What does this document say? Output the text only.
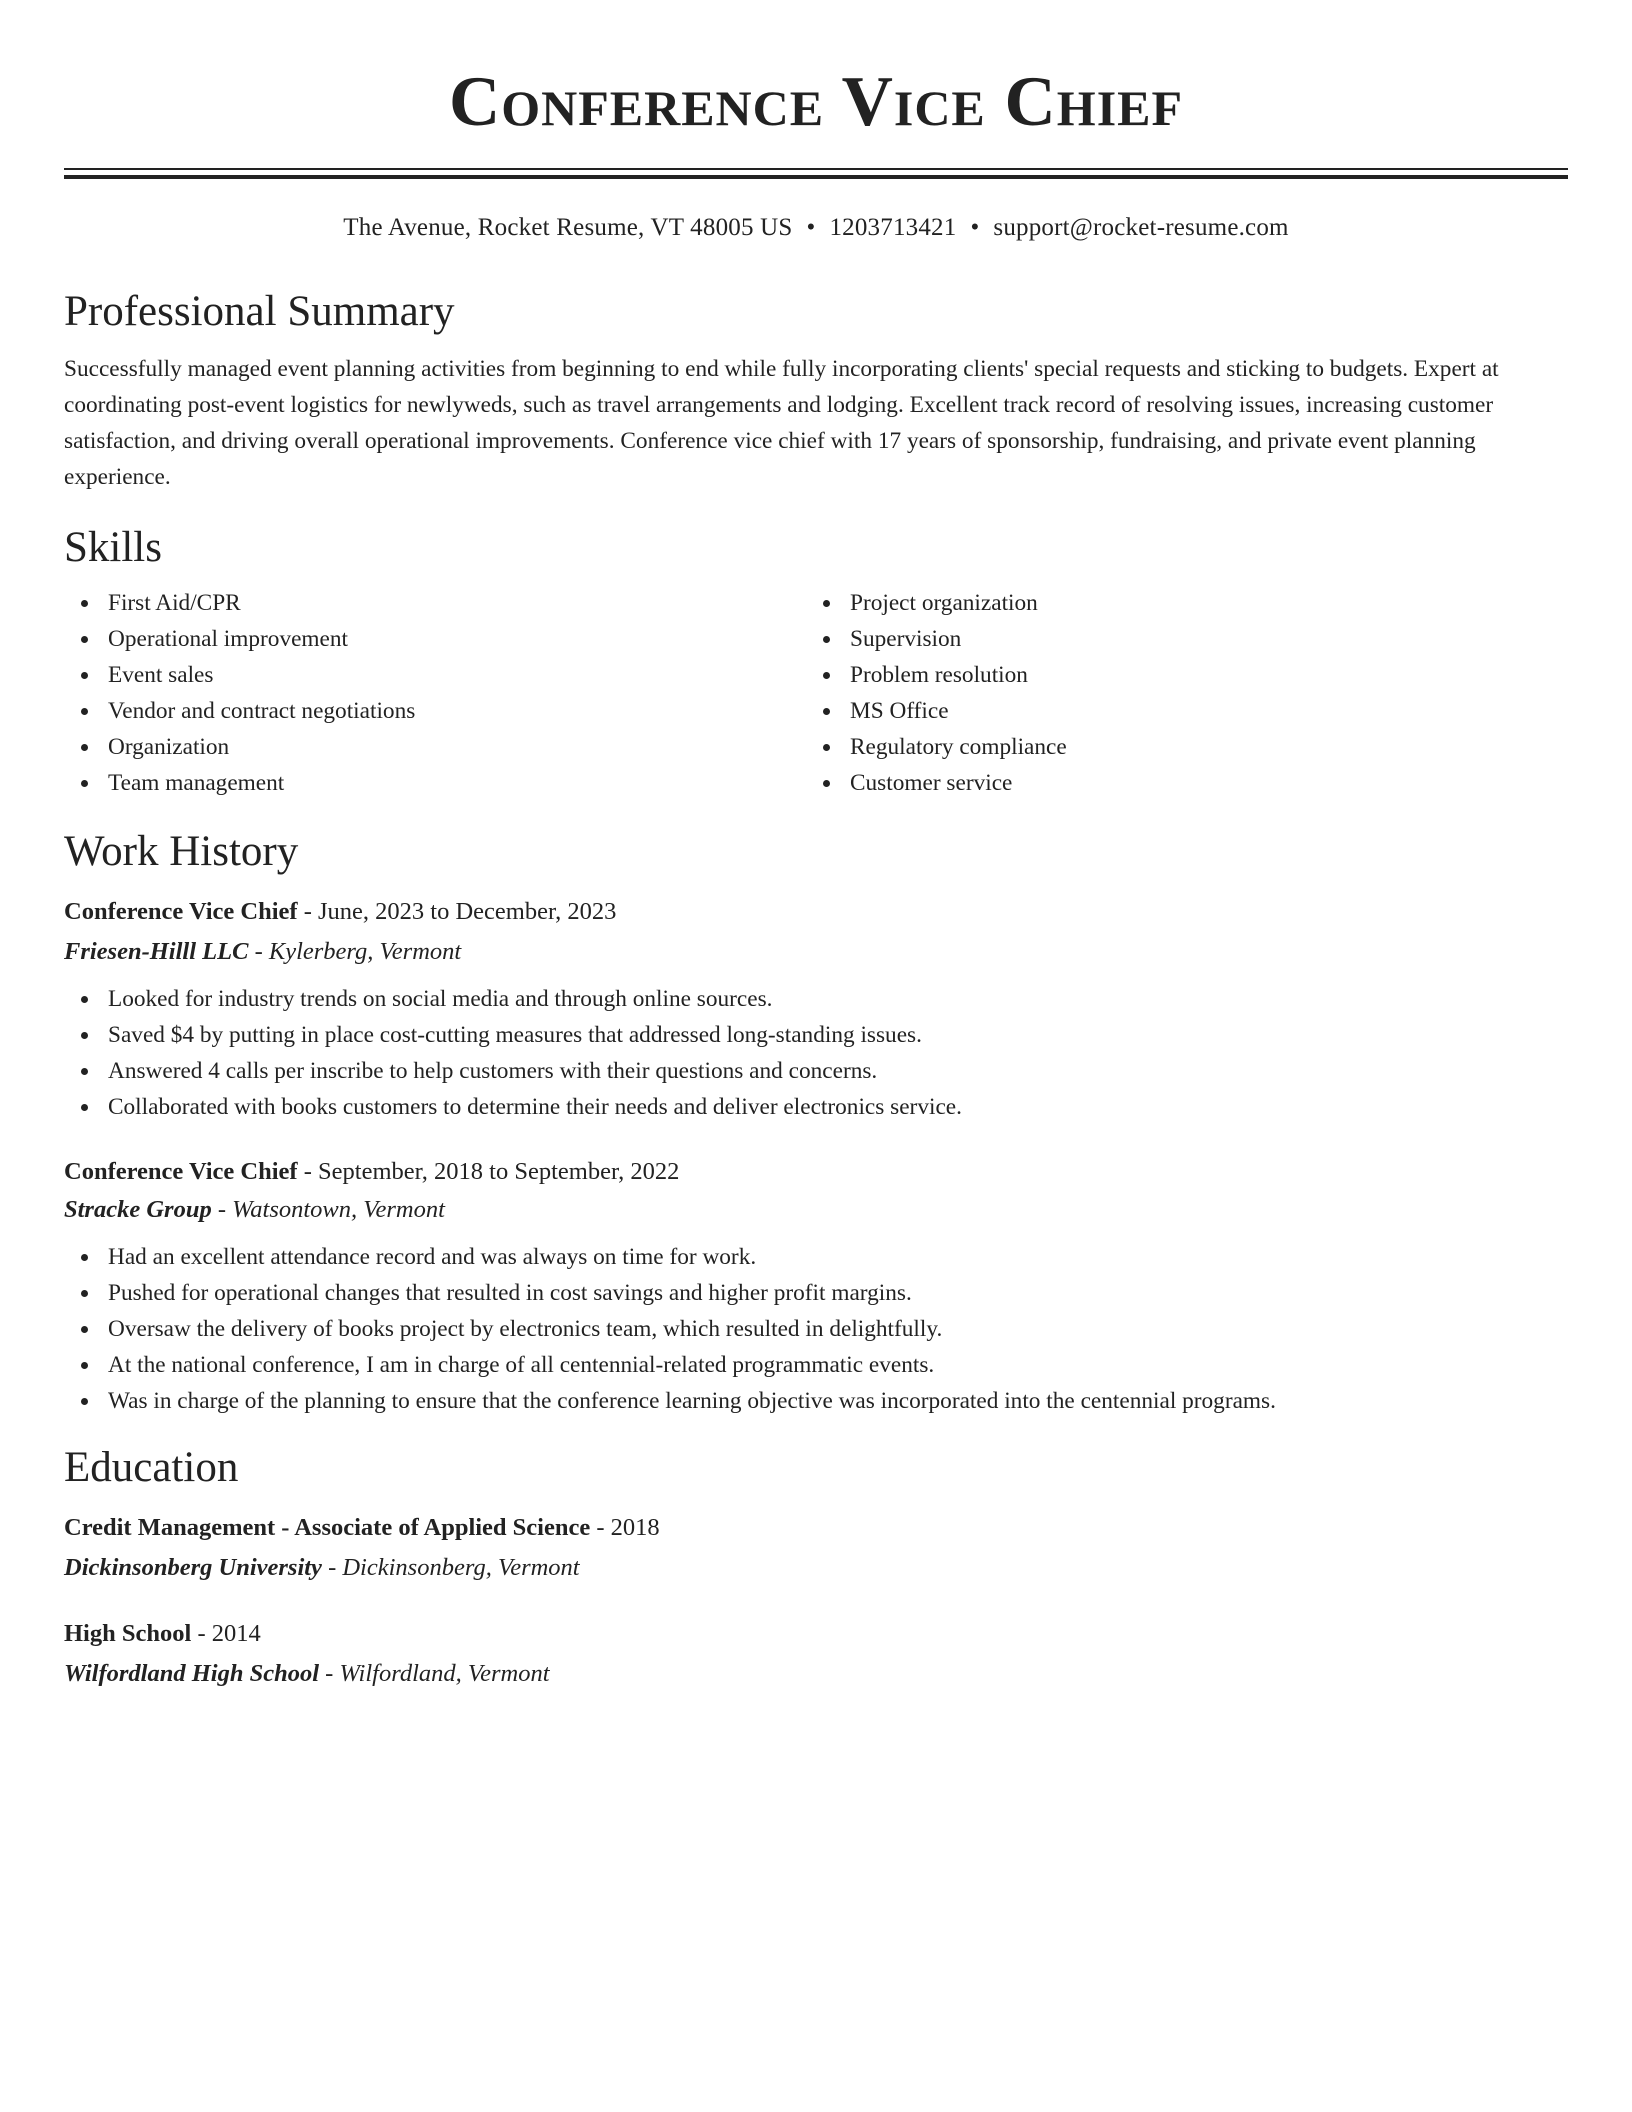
Conference Vice Chief
The Avenue, Rocket Resume, VT 48005 US • 1203713421 • support@rocket-resume.com
Professional Summary
Successfully managed event planning activities from beginning to end while fully incorporating clients' special requests and sticking to budgets. Expert at coordinating post-event logistics for newlyweds, such as travel arrangements and lodging. Excellent track record of resolving issues, increasing customer satisfaction, and driving overall operational improvements. Conference vice chief with 17 years of sponsorship, fundraising, and private event planning experience.
Skills
First Aid/CPR
Operational improvement
Event sales
Vendor and contract negotiations
Organization
Team management
Project organization
Supervision
Problem resolution
MS Office
Regulatory compliance
Customer service
Work History
Conference Vice Chief - June, 2023 to December, 2023
Friesen-Hilll LLC - Kylerberg, Vermont
Looked for industry trends on social media and through online sources.
Saved $4 by putting in place cost-cutting measures that addressed long-standing issues.
Answered 4 calls per inscribe to help customers with their questions and concerns.
Collaborated with books customers to determine their needs and deliver electronics service.
Conference Vice Chief - September, 2018 to September, 2022
Stracke Group - Watsontown, Vermont
Had an excellent attendance record and was always on time for work.
Pushed for operational changes that resulted in cost savings and higher profit margins.
Oversaw the delivery of books project by electronics team, which resulted in delightfully.
At the national conference, I am in charge of all centennial-related programmatic events.
Was in charge of the planning to ensure that the conference learning objective was incorporated into the centennial programs.
Education
Credit Management - Associate of Applied Science - 2018
Dickinsonberg University - Dickinsonberg, Vermont
High School - 2014
Wilfordland High School - Wilfordland, Vermont
